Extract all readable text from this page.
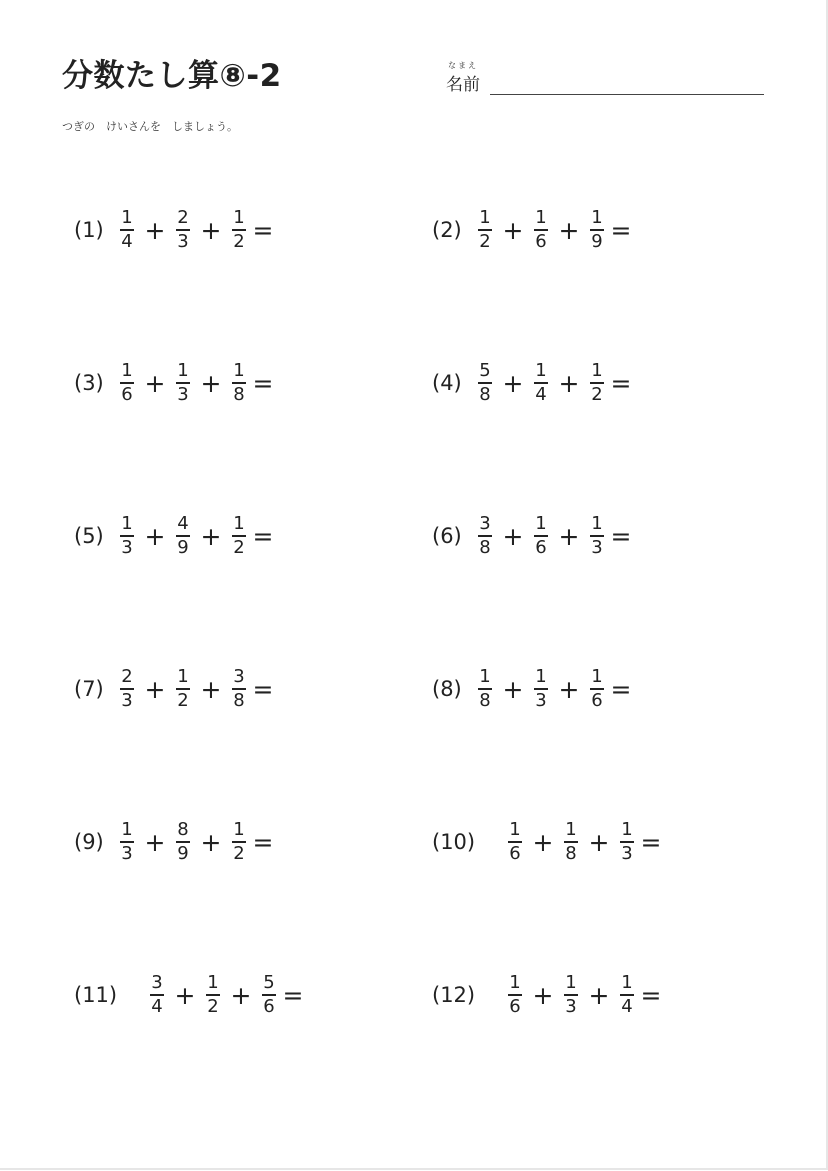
分数たし算⑧-2	なまえ
名前
つぎの　けいさんを　しましょう。
$(1) \frac{1}{4} + \frac{2}{3} + \frac{1}{2}$ =	$(2) \frac{1}{2} + \frac{1}{6} + \frac{1}{9}$ =
$(3) \frac{1}{6} + \frac{1}{3} + \frac{1}{8}$ =	$(4) \frac{5}{8} + \frac{1}{4} + \frac{1}{2}$ =
$(5) \frac{1}{3} + \frac{4}{9} + \frac{1}{2}$ =	$(6) \frac{3}{8} + \frac{1}{6} + \frac{1}{3}$ =
$(7) \frac{2}{3} + \frac{1}{2} + \frac{3}{8}$ =	$(8) \frac{1}{8} + \frac{1}{3} + \frac{1}{6}$ =
$(9) \frac{1}{3} + \frac{8}{9} + \frac{1}{2}$ =	(10)	$\frac{1}{6} + \frac{1}{8} + \frac{1}{3}$ =
(11)	$\frac{3}{4} + \frac{1}{2} + \frac{5}{6}$ =	(12)	$\frac{1}{6} + \frac{1}{3} + \frac{1}{4}$ =
